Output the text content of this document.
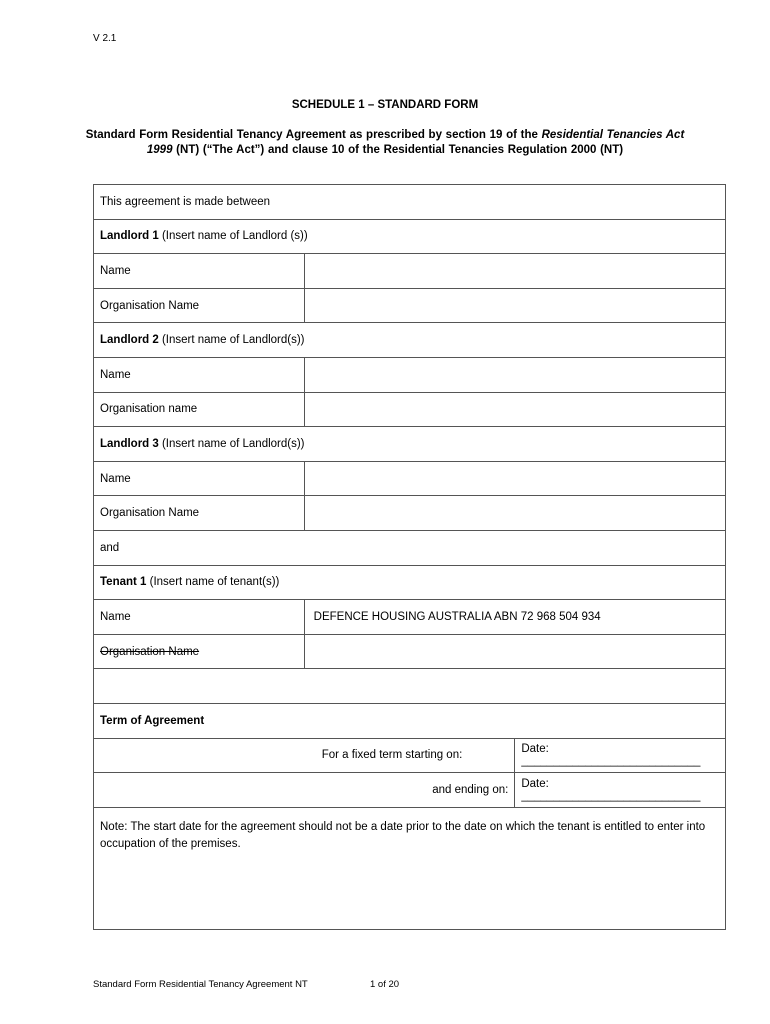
V 2.1
SCHEDULE 1 – STANDARD FORM
Standard Form Residential Tenancy Agreement as prescribed by section 19 of the Residential Tenancies Act 1999 (NT) (“The Act”) and clause 10 of the Residential Tenancies Regulation 2000 (NT)
This agreement is made between		
Landlord 1 (Insert name of Landlord (s))		
Name		
Organisation Name		
Landlord 2 (Insert name of Landlord(s))		
Name		
Organisation name		
Landlord 3 (Insert name of Landlord(s))		
Name		
Organisation Name		
and		
Tenant 1 (Insert name of tenant(s))		
Name	DEFENCE HOUSING AUSTRALIA ABN 72 968 504 934	
Organisation Name		

Term of Agreement		
For a fixed term starting on:		Date: ____________________________
and ending on:		Date: ____________________________
Note: The start date for the agreement should not be a date prior to the date on which the tenant is entitled to enter into occupation of the premises.		
Standard Form Residential Tenancy Agreement NT	1 of 20
